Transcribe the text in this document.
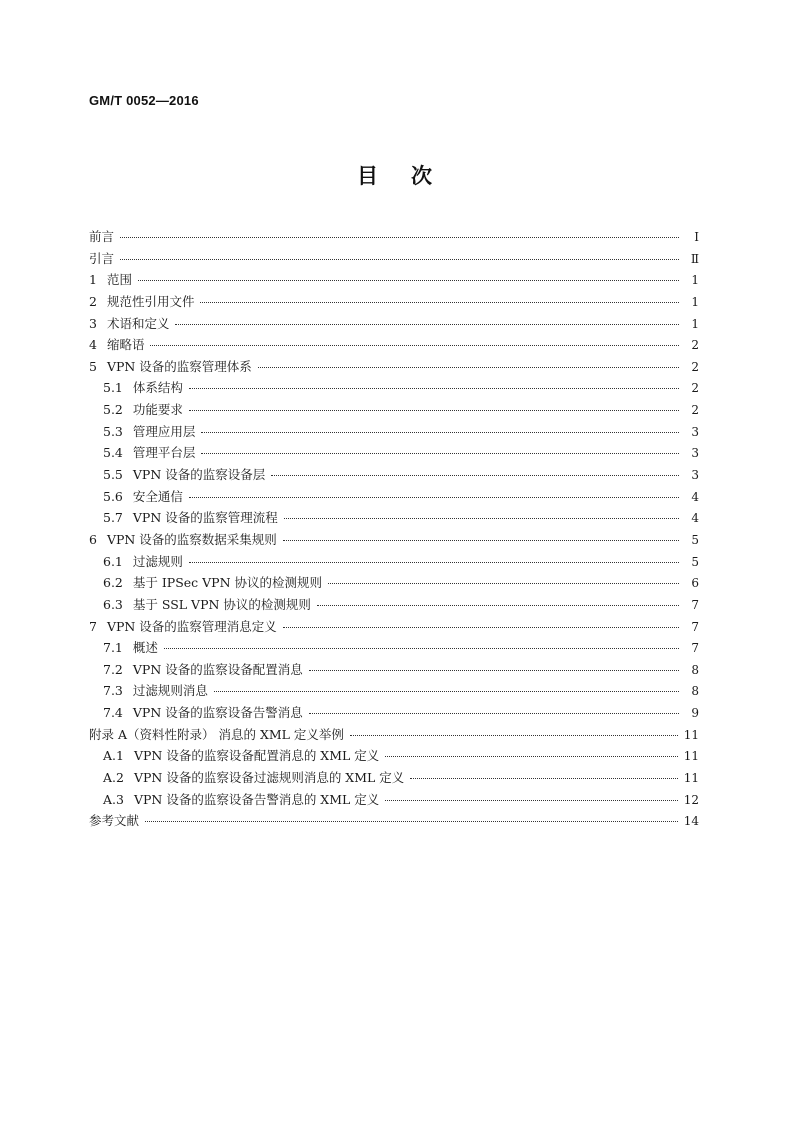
GM/T 0052—2016
目次
前言	Ⅰ
引言	Ⅱ
1 范围	1
2 规范性引用文件	1
3 术语和定义	1
4 缩略语	2
5 VPN 设备的监察管理体系	2
5.1 体系结构	2
5.2 功能要求	2
5.3 管理应用层	3
5.4 管理平台层	3
5.5 VPN 设备的监察设备层	3
5.6 安全通信	4
5.7 VPN 设备的监察管理流程	4
6 VPN 设备的监察数据采集规则	5
6.1 过滤规则	5
6.2 基于 IPSec VPN 协议的检测规则	6
6.3 基于 SSL VPN 协议的检测规则	7
7 VPN 设备的监察管理消息定义	7
7.1 概述	7
7.2 VPN 设备的监察设备配置消息	8
7.3 过滤规则消息	8
7.4 VPN 设备的监察设备告警消息	9
附录 A（资料性附录） 消息的 XML 定义举例	11
A.1 VPN 设备的监察设备配置消息的 XML 定义	11
A.2 VPN 设备的监察设备过滤规则消息的 XML 定义	11
A.3 VPN 设备的监察设备告警消息的 XML 定义	12
参考文献	14
